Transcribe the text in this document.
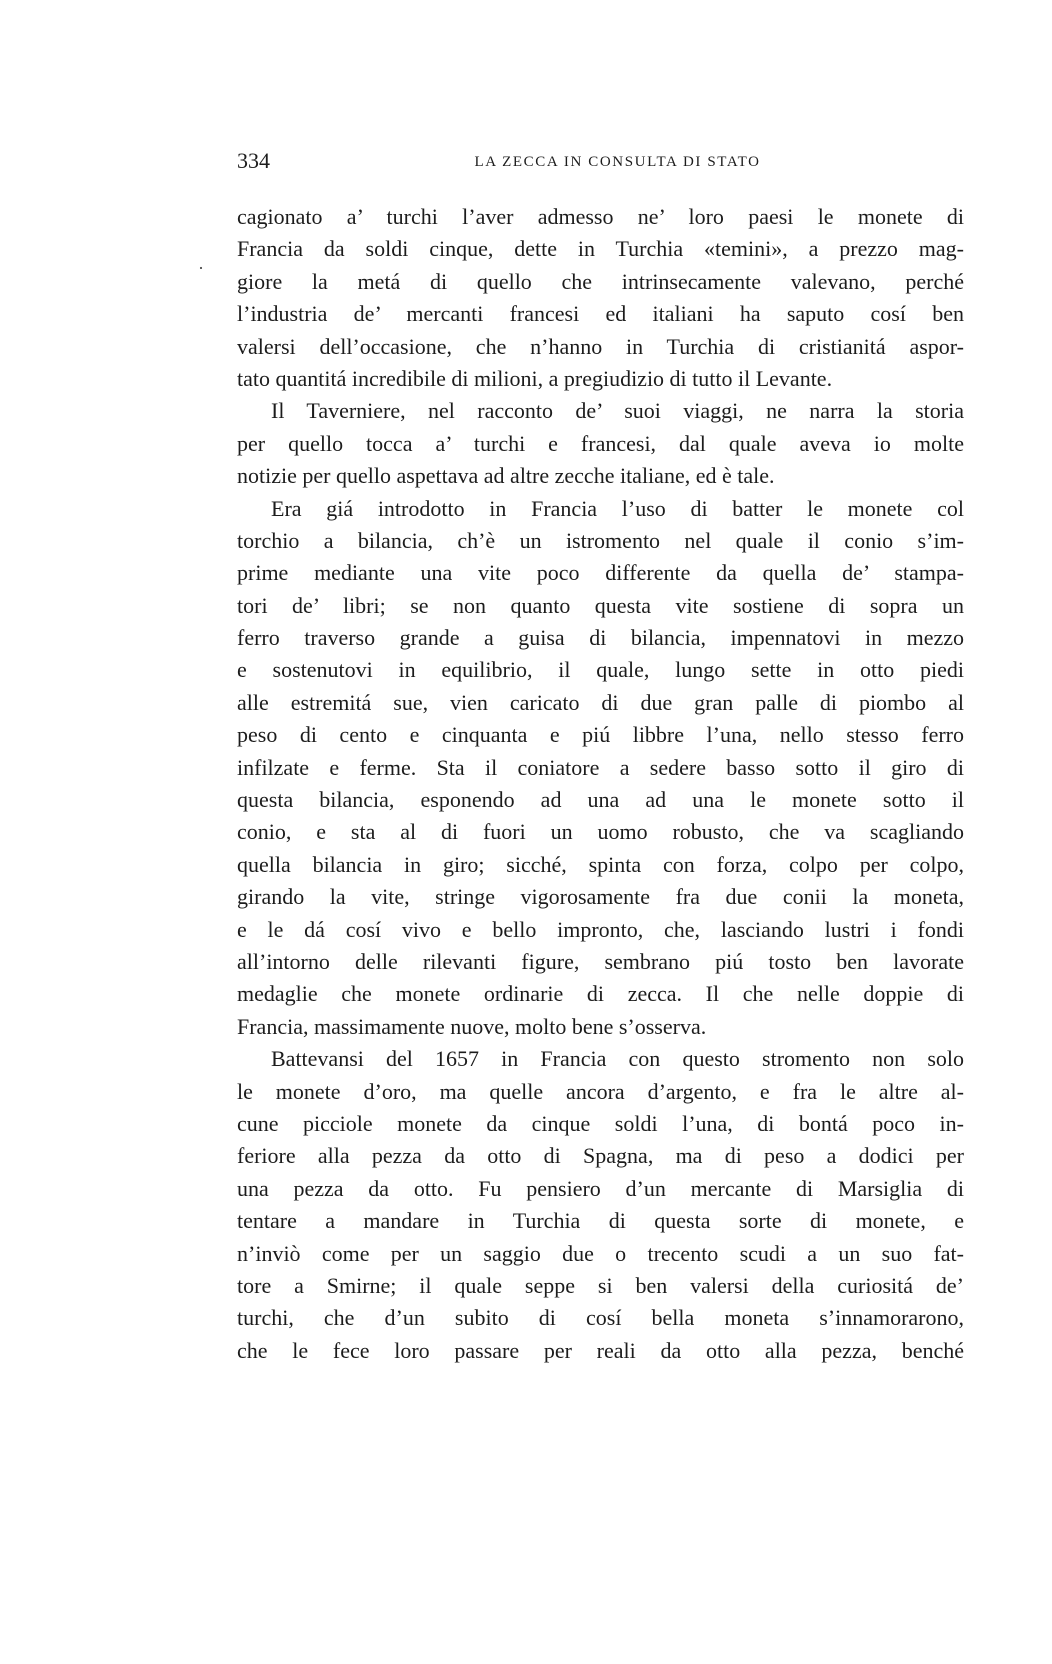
334	LA ZECCA IN CONSULTA DI STATO
·
cagionato a’ turchi l’aver admesso ne’ loro paesi le monete di
Francia da soldi cinque, dette in Turchia «temini», a prezzo mag-
giore la metá di quello che intrinsecamente valevano, perché
l’industria de’ mercanti francesi ed italiani ha saputo cosí ben
valersi dell’occasione, che n’hanno in Turchia di cristianitá aspor-
tato quantitá incredibile di milioni, a pregiudizio di tutto il Levante.
Il Taverniere, nel racconto de’ suoi viaggi, ne narra la storia
per quello tocca a’ turchi e francesi, dal quale aveva io molte
notizie per quello aspettava ad altre zecche italiane, ed è tale.
Era giá introdotto in Francia l’uso di batter le monete col
torchio a bilancia, ch’è un istromento nel quale il conio s’im-
prime mediante una vite poco differente da quella de’ stampa-
tori de’ libri; se non quanto questa vite sostiene di sopra un
ferro traverso grande a guisa di bilancia, impennatovi in mezzo
e sostenutovi in equilibrio, il quale, lungo sette in otto piedi
alle estremitá sue, vien caricato di due gran palle di piombo al
peso di cento e cinquanta e piú libbre l’una, nello stesso ferro
infilzate e ferme. Sta il coniatore a sedere basso sotto il giro di
questa bilancia, esponendo ad una ad una le monete sotto il
conio, e sta al di fuori un uomo robusto, che va scagliando
quella bilancia in giro; sicché, spinta con forza, colpo per colpo,
girando la vite, stringe vigorosamente fra due conii la moneta,
e le dá cosí vivo e bello impronto, che, lasciando lustri i fondi
all’intorno delle rilevanti figure, sembrano piú tosto ben lavorate
medaglie che monete ordinarie di zecca. Il che nelle doppie di
Francia, massimamente nuove, molto bene s’osserva.
Battevansi del 1657 in Francia con questo stromento non solo
le monete d’oro, ma quelle ancora d’argento, e fra le altre al-
cune picciole monete da cinque soldi l’una, di bontá poco in-
feriore alla pezza da otto di Spagna, ma di peso a dodici per
una pezza da otto. Fu pensiero d’un mercante di Marsiglia di
tentare a mandare in Turchia di questa sorte di monete, e
n’inviò come per un saggio due o trecento scudi a un suo fat-
tore a Smirne; il quale seppe si ben valersi della curiositá de’
turchi, che d’un subito di cosí bella moneta s’innamorarono,
che le fece loro passare per reali da otto alla pezza, benché
